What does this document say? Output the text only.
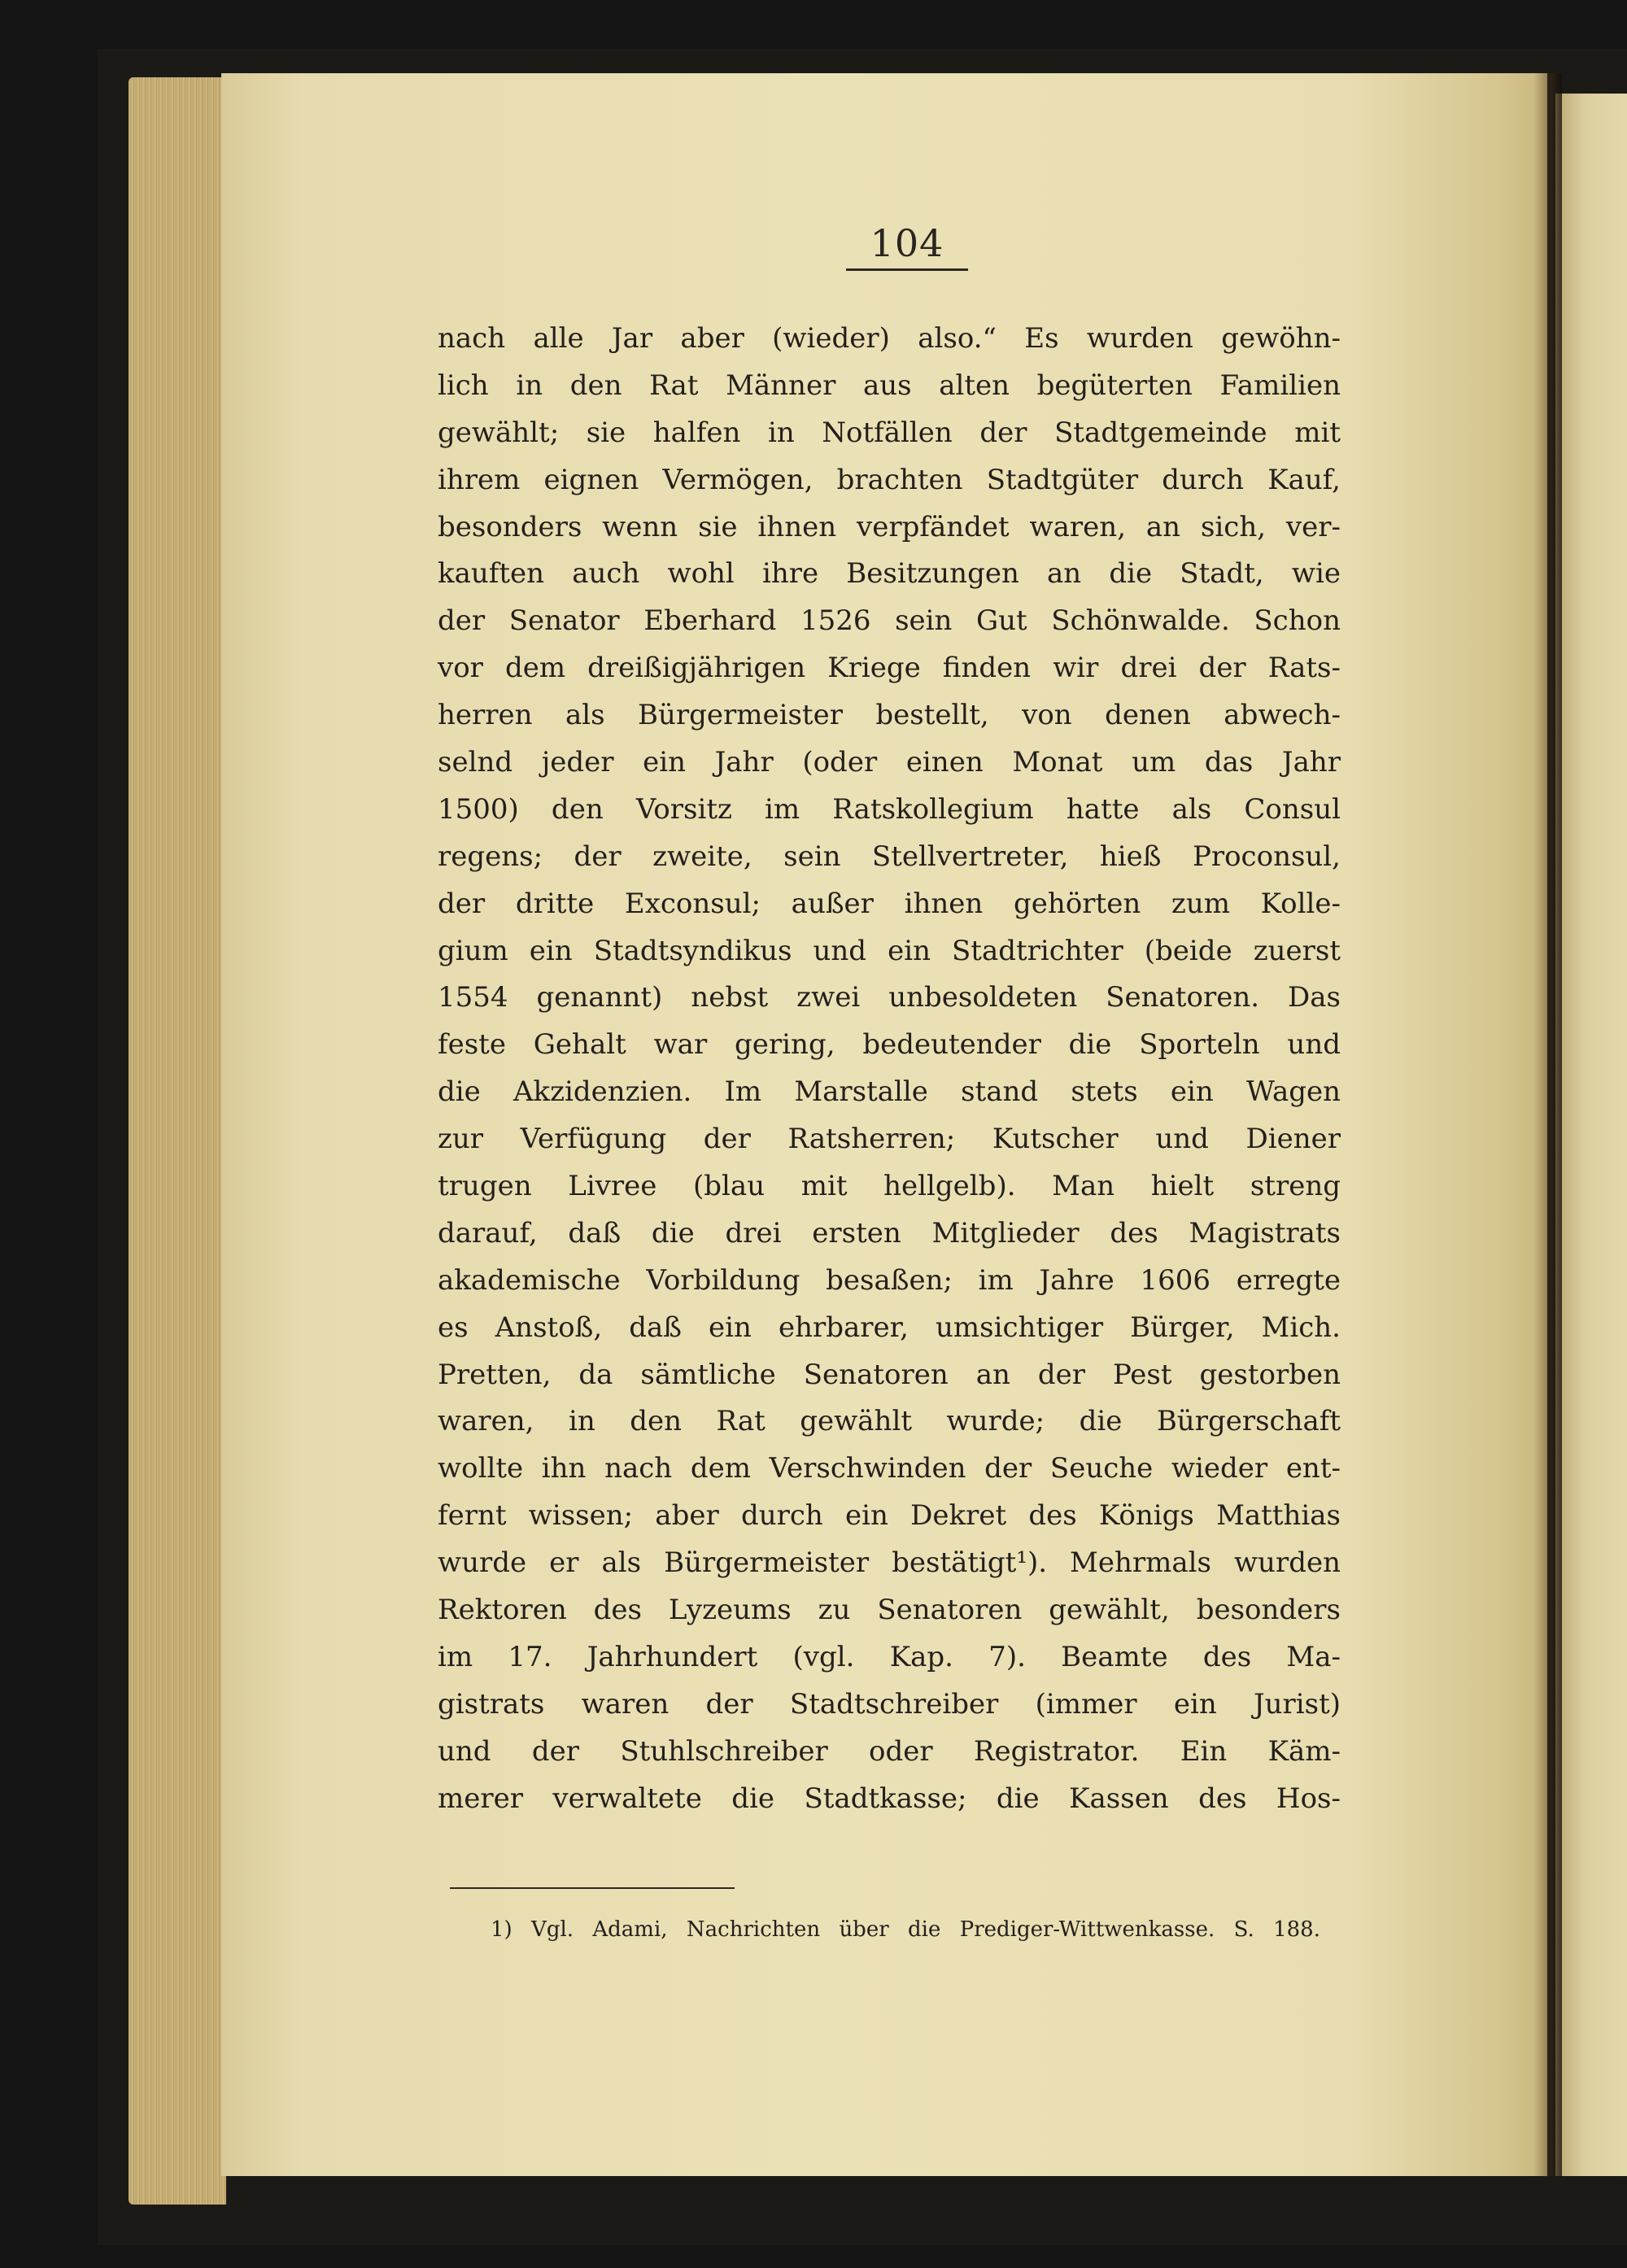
104
nach alle Jar aber (wieder) also.“ Es wurden gewöhn-
lich in den Rat Männer aus alten begüterten Familien
gewählt; sie halfen in Notfällen der Stadtgemeinde mit
ihrem eignen Vermögen, brachten Stadtgüter durch Kauf,
besonders wenn sie ihnen verpfändet waren, an sich, ver-
kauften auch wohl ihre Besitzungen an die Stadt, wie
der Senator Eberhard 1526 sein Gut Schönwalde. Schon
vor dem dreißigjährigen Kriege finden wir drei der Rats-
herren als Bürgermeister bestellt, von denen abwech-
selnd jeder ein Jahr (oder einen Monat um das Jahr
1500) den Vorsitz im Ratskollegium hatte als Consul
regens; der zweite, sein Stellvertreter, hieß Proconsul,
der dritte Exconsul; außer ihnen gehörten zum Kolle-
gium ein Stadtsyndikus und ein Stadtrichter (beide zuerst
1554 genannt) nebst zwei unbesoldeten Senatoren. Das
feste Gehalt war gering, bedeutender die Sporteln und
die Akzidenzien. Im Marstalle stand stets ein Wagen
zur Verfügung der Ratsherren; Kutscher und Diener
trugen Livree (blau mit hellgelb). Man hielt streng
darauf, daß die drei ersten Mitglieder des Magistrats
akademische Vorbildung besaßen; im Jahre 1606 erregte
es Anstoß, daß ein ehrbarer, umsichtiger Bürger, Mich.
Pretten, da sämtliche Senatoren an der Pest gestorben
waren, in den Rat gewählt wurde; die Bürgerschaft
wollte ihn nach dem Verschwinden der Seuche wieder ent-
fernt wissen; aber durch ein Dekret des Königs Matthias
wurde er als Bürgermeister bestätigt¹). Mehrmals wurden
Rektoren des Lyzeums zu Senatoren gewählt, besonders
im 17. Jahrhundert (vgl. Kap. 7). Beamte des Ma-
gistrats waren der Stadtschreiber (immer ein Jurist)
und der Stuhlschreiber oder Registrator. Ein Käm-
merer verwaltete die Stadtkasse; die Kassen des Hos-
1) Vgl. Adami, Nachrichten über die Prediger-Wittwenkasse. S. 188.
